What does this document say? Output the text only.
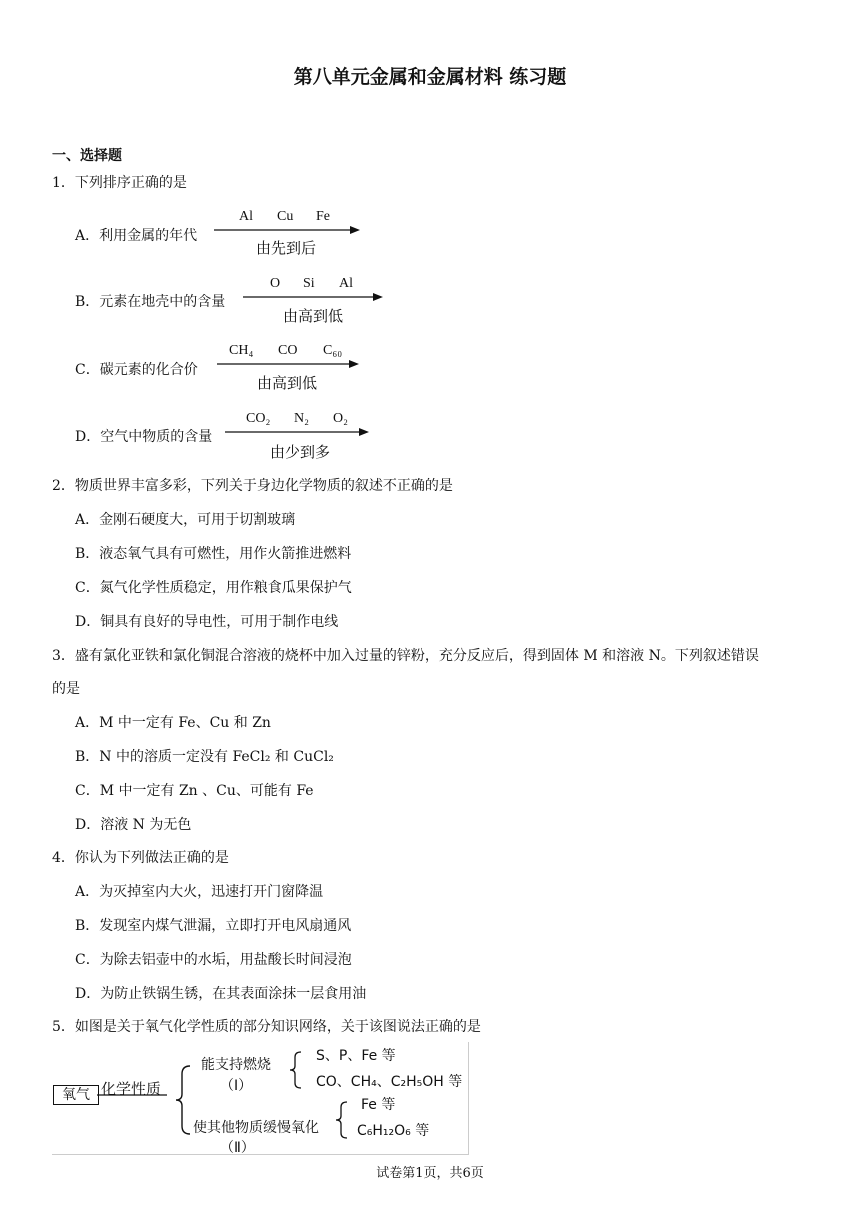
第八单元金属和金属材料 练习题
一、选择题
1．下列排序正确的是
A．利用金属的年代
Al Cu Fe
由先到后
B．元素在地壳中的含量
O Si Al
由高到低
C．碳元素的化合价
CH₄ CO C₆₀
由高到低
D．空气中物质的含量
CO₂ N₂ O₂
由少到多
2．物质世界丰富多彩，下列关于身边化学物质的叙述不正确的是
A．金刚石硬度大，可用于切割玻璃
B．液态氧气具有可燃性，用作火箭推进燃料
C．氮气化学性质稳定，用作粮食瓜果保护气
D．铜具有良好的导电性，可用于制作电线
3．盛有氯化亚铁和氯化铜混合溶液的烧杯中加入过量的锌粉，充分反应后，得到固体 M 和溶液 N。下列叙述错误
的是
A．M 中一定有 Fe、Cu 和 Zn
B．N 中的溶质一定没有 FeCl₂ 和 CuCl₂
C．M 中一定有 Zn 、Cu、可能有 Fe
D．溶液 N 为无色
4．你认为下列做法正确的是
A．为灭掉室内大火，迅速打开门窗降温
B．发现室内煤气泄漏，立即打开电风扇通风
C．为除去铝壶中的水垢，用盐酸长时间浸泡
D．为防止铁锅生锈，在其表面涂抹一层食用油
5．如图是关于氧气化学性质的部分知识网络，关于该图说法正确的是
氧气 化学性质
能支持燃烧
（Ⅰ）
S、P、Fe 等
CO、CH₄、C₂H₅OH 等
使其他物质缓慢氧化
（Ⅱ）
Fe 等
C₆H₁₂O₆ 等
试卷第1页，共6页
